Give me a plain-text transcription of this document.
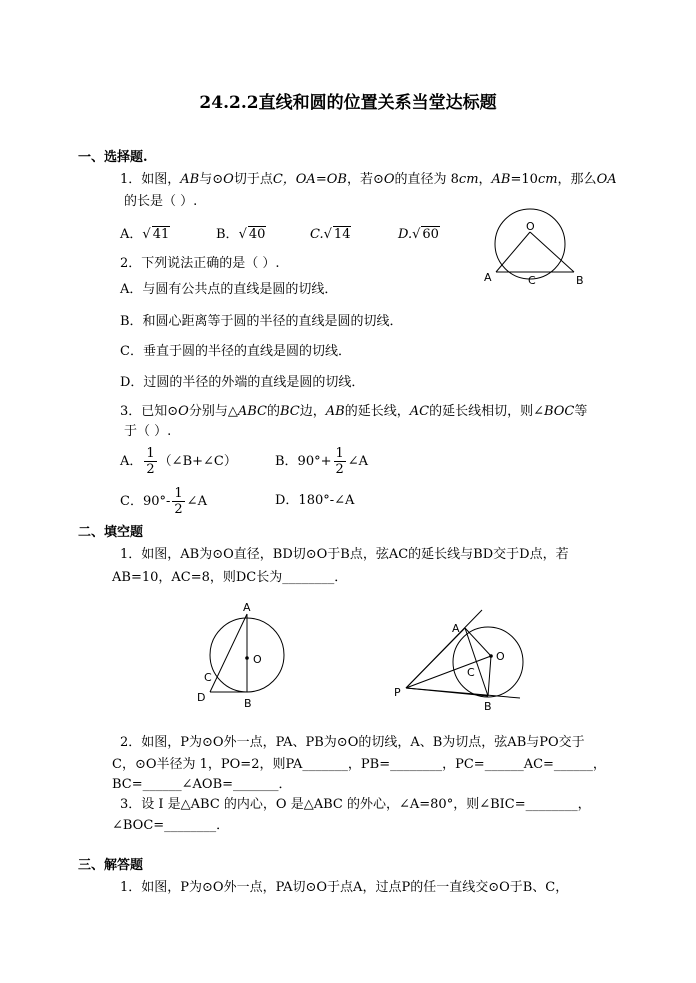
24.2.2直线和圆的位置关系当堂达标题
一、选择题.
1．如图，AB与⊙O切于点C，OA=OB，若⊙O的直径为 8cm，AB=10cm，那么OA
的长是（ ）.
A．√ 41	B．√ 40	C.√ 14	D.√ 60
O
A	C	B
2．下列说法正确的是（ ）.
A．与圆有公共点的直线是圆的切线．
B．和圆心距离等于圆的半径的直线是圆的切线．
C．垂直于圆的半径的直线是圆的切线．
D．过圆的半径的外端的直线是圆的切线．
3．已知⊙O分别与△ABC的BC边，AB的延长线，AC的延长线相切，则∠BOC等
于（ ）.
A． $\frac{1}{2}$ （∠B+∠C）	B．$90^\circ+ \frac{1}{2}$ ∠A
C．$90^\circ- \frac{1}{2}$ ∠A	D．180°-∠A
二、填空题
1．如图，AB为⊙O直径，BD切⊙O于B点，弦AC的延长线与BD交于D点，若
AB=10，AC=8，则DC长为________．
A
O
C
D	B
A
O
C
P
B
2．如图，P为⊙O外一点，PA、PB为⊙O的切线，A、B为切点，弦AB与PO交于
C，⊙O半径为 1，PO=2，则PA_______，PB=________，PC=______AC=______，
BC=______∠AOB=_______．
3．设 I 是△ABC 的内心，O 是△ABC 的外心，∠A=80°，则∠BIC=________，
∠BOC=________．
三、解答题
1．如图，P为⊙O外一点，PA切⊙O于点A，过点P的任一直线交⊙O于B、C，
